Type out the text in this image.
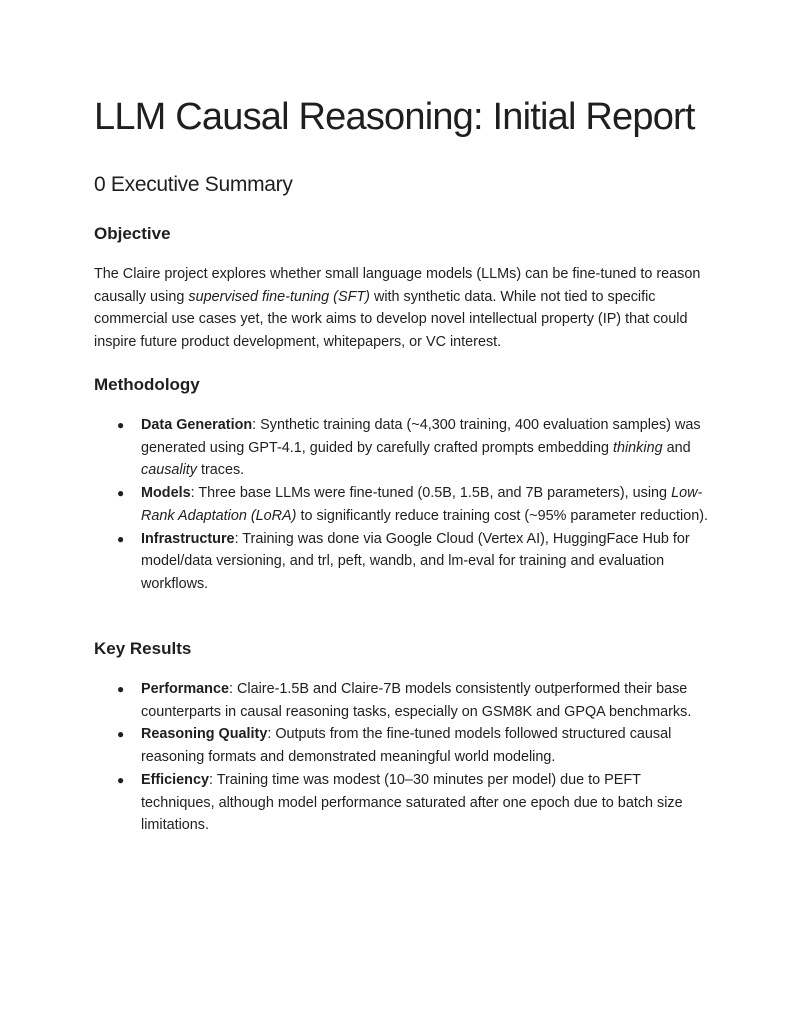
LLM Causal Reasoning: Initial Report
0 Executive Summary
Objective

The Claire project explores whether small language models (LLMs) can be fine-tuned to reason causally using supervised fine-tuning (SFT) with synthetic data. While not tied to specific commercial use cases yet, the work aims to develop novel intellectual property (IP) that could inspire future product development, whitepapers, or VC interest.

Methodology
● Data Generation: Synthetic training data (~4,300 training, 400 evaluation samples) was generated using GPT-4.1, guided by carefully crafted prompts embedding thinking and causality traces.
● Models: Three base LLMs were fine-tuned (0.5B, 1.5B, and 7B parameters), using Low-Rank Adaptation (LoRA) to significantly reduce training cost (~95% parameter reduction).
● Infrastructure: Training was done via Google Cloud (Vertex AI), HuggingFace Hub for model/data versioning, and trl, peft, wandb, and lm-eval for training and evaluation workflows.
Key Results
● Performance: Claire-1.5B and Claire-7B models consistently outperformed their base counterparts in causal reasoning tasks, especially on GSM8K and GPQA benchmarks.
● Reasoning Quality: Outputs from the fine-tuned models followed structured causal reasoning formats and demonstrated meaningful world modeling.
● Efficiency: Training time was modest (10–30 minutes per model) due to PEFT techniques, although model performance saturated after one epoch due to batch size limitations.
